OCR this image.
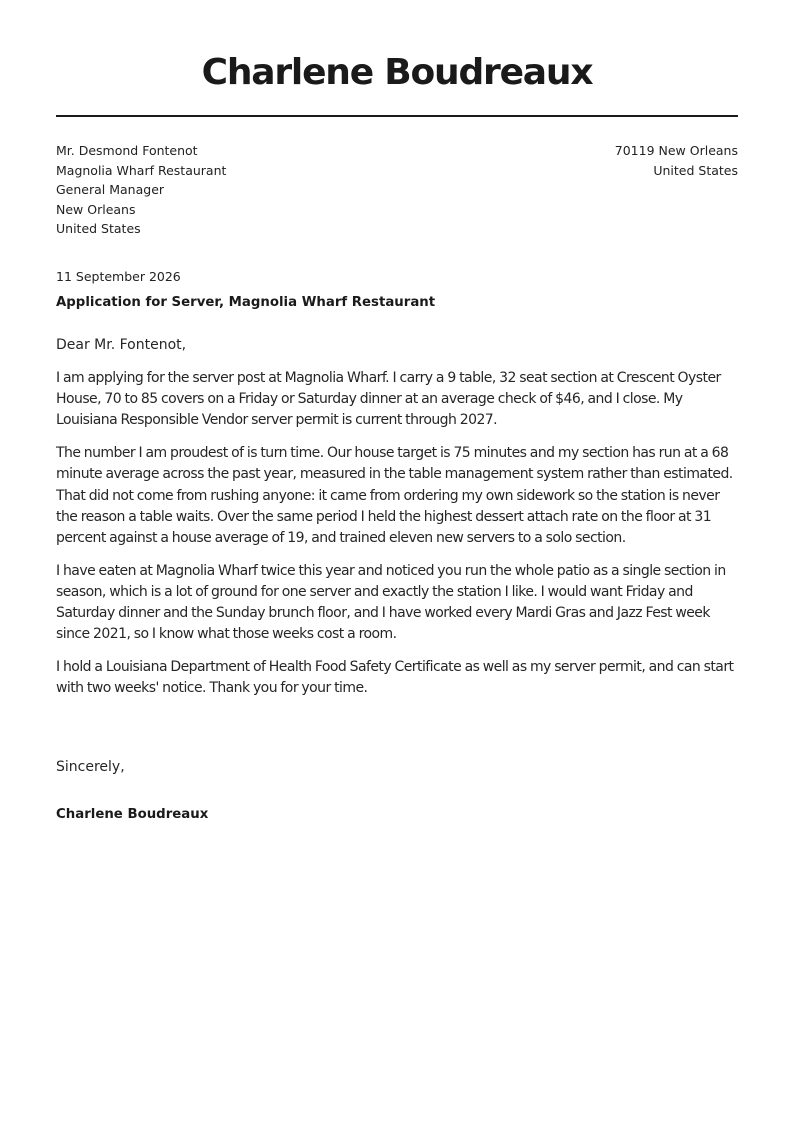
Charlene Boudreaux
Mr. Desmond Fontenot
Magnolia Wharf Restaurant
General Manager
New Orleans
United States
70119 New Orleans
United States
11 September 2026
Application for Server, Magnolia Wharf Restaurant
Dear Mr. Fontenot,

I am applying for the server post at Magnolia Wharf. I carry a 9 table, 32 seat section at Crescent Oyster House, 70 to 85 covers on a Friday or Saturday dinner at an average check of $46, and I close. My Louisiana Responsible Vendor server permit is current through 2027.

The number I am proudest of is turn time. Our house target is 75 minutes and my section has run at a 68 minute average across the past year, measured in the table management system rather than estimated. That did not come from rushing anyone: it came from ordering my own sidework so the station is never the reason a table waits. Over the same period I held the highest dessert attach rate on the floor at 31 percent against a house average of 19, and trained eleven new servers to a solo section.

I have eaten at Magnolia Wharf twice this year and noticed you run the whole patio as a single section in season, which is a lot of ground for one server and exactly the station I like. I would want Friday and Saturday dinner and the Sunday brunch floor, and I have worked every Mardi Gras and Jazz Fest week since 2021, so I know what those weeks cost a room.

I hold a Louisiana Department of Health Food Safety Certificate as well as my server permit, and can start with two weeks' notice. Thank you for your time.

Sincerely,
Charlene Boudreaux
